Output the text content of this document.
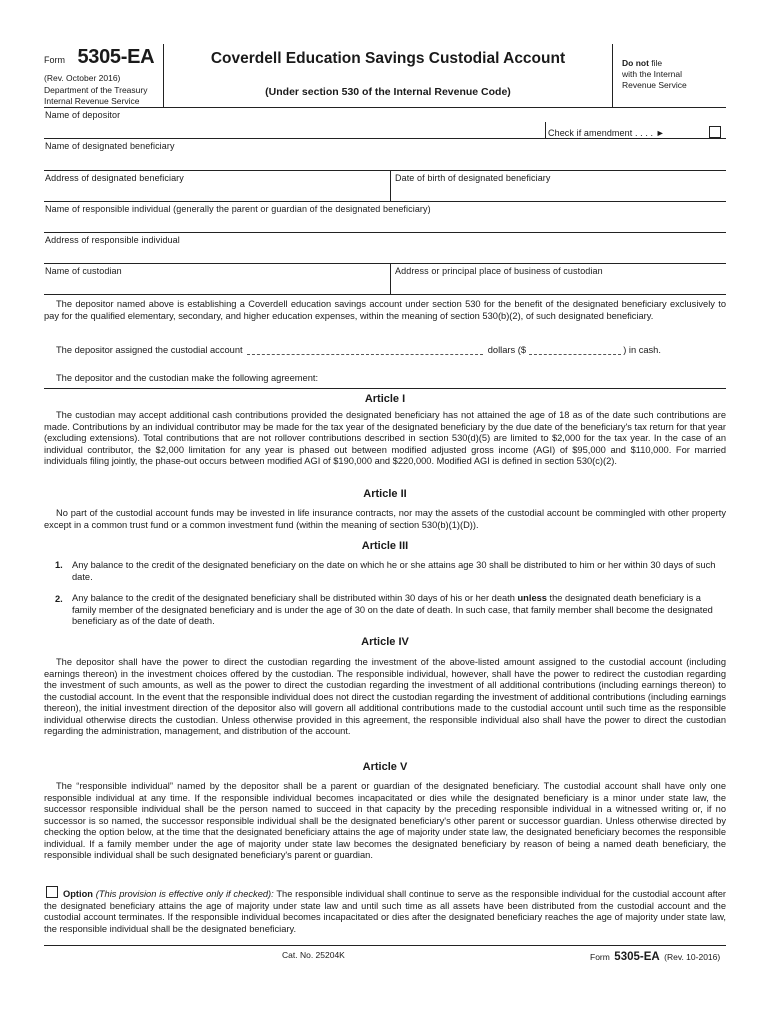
Form 5305-EA
(Rev. October 2016)
Department of the Treasury
Internal Revenue Service
Coverdell Education Savings Custodial Account
(Under section 530 of the Internal Revenue Code)
Do not file
with the Internal
Revenue Service
Name of depositor
Check if amendment . . . . ►
Name of designated beneficiary
Address of designated beneficiary	Date of birth of designated beneficiary
Name of responsible individual (generally the parent or guardian of the designated beneficiary)
Address of responsible individual
Name of custodian	Address or principal place of business of custodian

The depositor named above is establishing a Coverdell education savings account under section 530 for the benefit of the designated beneficiary exclusively to pay for the qualified elementary, secondary, and higher education expenses, within the meaning of section 530(b)(2), of such designated beneficiary.

The depositor assigned the custodial account	dollars ($	) in cash.
The depositor and the custodian make the following agreement:
Article I

The custodian may accept additional cash contributions provided the designated beneficiary has not attained the age of 18 as of the date such contributions are made. Contributions by an individual contributor may be made for the tax year of the designated beneficiary by the due date of the beneficiary's tax return for that year (excluding extensions). Total contributions that are not rollover contributions described in section 530(d)(5) are limited to $2,000 for the tax year. In the case of an individual contributor, the $2,000 limitation for any year is phased out between modified adjusted gross income (AGI) of $95,000 and $110,000. For married individuals filing jointly, the phase-out occurs between modified AGI of $190,000 and $220,000. Modified AGI is defined in section 530(c)(2).

Article II

No part of the custodial account funds may be invested in life insurance contracts, nor may the assets of the custodial account be commingled with other property except in a common trust fund or a common investment fund (within the meaning of section 530(b)(1)(D)).

Article III
1. Any balance to the credit of the designated beneficiary on the date on which he or she attains age 30 shall be distributed to him or her within 30 days of such date.

2. Any balance to the credit of the designated beneficiary shall be distributed within 30 days of his or her death unless the designated death beneficiary is a family member of the designated beneficiary and is under the age of 30 on the date of death. In such case, that family member shall become the designated beneficiary as of the date of death.

Article IV

The depositor shall have the power to direct the custodian regarding the investment of the above-listed amount assigned to the custodial account (including earnings thereon) in the investment choices offered by the custodian. The responsible individual, however, shall have the power to redirect the custodian regarding the investment of such amounts, as well as the power to direct the custodian regarding the investment of all additional contributions (including earnings thereon) to the custodial account. In the event that the responsible individual does not direct the custodian regarding the investment of additional contributions (including earnings thereon), the initial investment direction of the depositor also will govern all additional contributions made to the custodial account until such time as the responsible individual otherwise directs the custodian. Unless otherwise provided in this agreement, the responsible individual also shall have the power to direct the custodian regarding the administration, management, and distribution of the account.

Article V

The “responsible individual” named by the depositor shall be a parent or guardian of the designated beneficiary. The custodial account shall have only one responsible individual at any time. If the responsible individual becomes incapacitated or dies while the designated beneficiary is a minor under state law, the successor responsible individual shall be the person named to succeed in that capacity by the preceding responsible individual in a witnessed writing or, if no successor is so named, the successor responsible individual shall be the designated beneficiary's other parent or successor guardian. Unless otherwise directed by checking the option below, at the time that the designated beneficiary attains the age of majority under state law, the designated beneficiary becomes the responsible individual. If a family member under the age of majority under state law becomes the designated beneficiary by reason of being a named death beneficiary, the responsible individual shall be such designated beneficiary's parent or guardian.

Option (This provision is effective only if checked): The responsible individual shall continue to serve as the responsible individual for the custodial account after the designated beneficiary attains the age of majority under state law and until such time as all assets have been distributed from the custodial account and the custodial account terminates. If the responsible individual becomes incapacitated or dies after the designated beneficiary reaches the age of majority under state law, the responsible individual shall be the designated beneficiary.

Cat. No. 25204K	Form 5305-EA (Rev. 10-2016)
